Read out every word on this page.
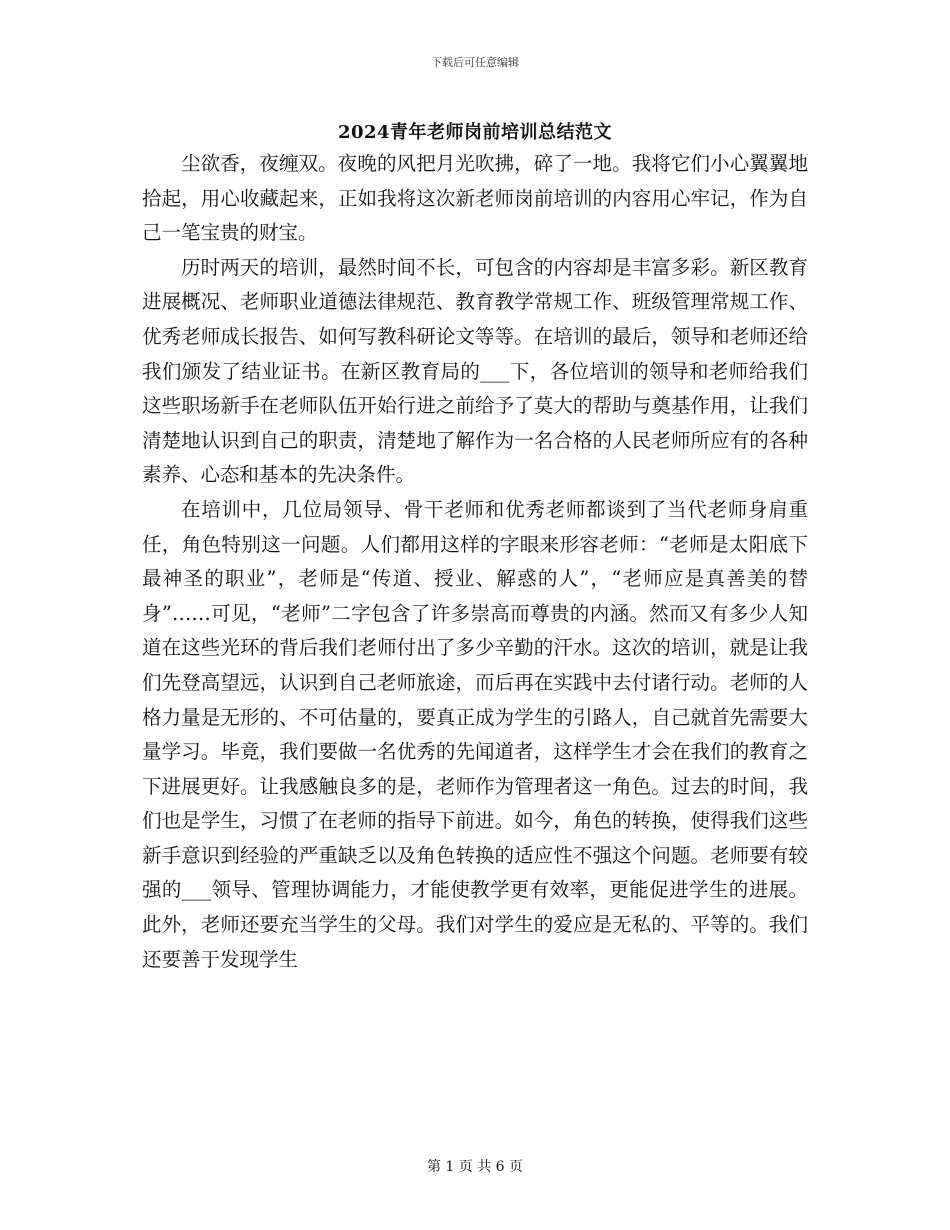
下载后可任意编辑
2024青年老师岗前培训总结范文

尘欲香，夜缠双。夜晚的风把月光吹拂，碎了一地。我将它们小心翼翼地拾起，用心收藏起来，正如我将这次新老师岗前培训的内容用心牢记，作为自己一笔宝贵的财宝。

历时两天的培训，最然时间不长，可包含的内容却是丰富多彩。新区教育进展概况、老师职业道德法律规范、教育教学常规工作、班级管理常规工作、优秀老师成长报告、如何写教科研论文等等。在培训的最后，领导和老师还给我们颁发了结业证书。在新区教育局的___下，各位培训的领导和老师给我们这些职场新手在老师队伍开始行进之前给予了莫大的帮助与奠基作用，让我们清楚地认识到自己的职责，清楚地了解作为一名合格的人民老师所应有的各种素养、心态和基本的先决条件。

在培训中，几位局领导、骨干老师和优秀老师都谈到了当代老师身肩重任，角色特别这一问题。人们都用这样的字眼来形容老师：“老师是太阳底下最神圣的职业”，老师是“传道、授业、解惑的人”，“老师应是真善美的替身”……可见，“老师”二字包含了许多崇高而尊贵的内涵。然而又有多少人知道在这些光环的背后我们老师付出了多少辛勤的汗水。这次的培训，就是让我们先登高望远，认识到自己老师旅途，而后再在实践中去付诸行动。老师的人格力量是无形的、不可估量的，要真正成为学生的引路人，自己就首先需要大量学习。毕竟，我们要做一名优秀的先闻道者，这样学生才会在我们的教育之下进展更好。让我感触良多的是，老师作为管理者这一角色。过去的时间，我们也是学生，习惯了在老师的指导下前进。如今，角色的转换，使得我们这些新手意识到经验的严重缺乏以及角色转换的适应性不强这个问题。老师要有较强的___领导、管理协调能力，才能使教学更有效率，更能促进学生的进展。此外，老师还要充当学生的父母。我们对学生的爱应是无私的、平等的。我们还要善于发现学生

第 1 页 共 6 页
